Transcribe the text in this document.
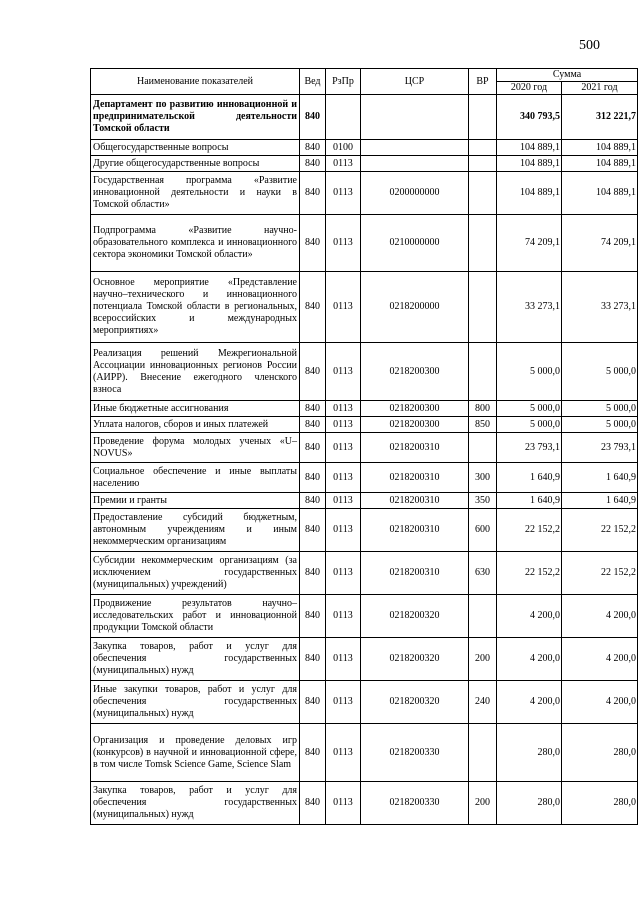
500
Наименование показателей	Вед	РзПр	ЦСР	ВР	Сумма	
					2020 год	2021 год
Департамент по развитию инновационной и предпринимательской деятельности Томской области	840				340 793,5	312 221,7
Общегосударственные вопросы	840	0100			104 889,1	104 889,1
Другие общегосударственные вопросы	840	0113			104 889,1	104 889,1
Государственная программа «Развитие инновационной деятельности и науки в Томской области»	840	0113	0200000000		104 889,1	104 889,1
Подпрограмма «Развитие научно-образовательного комплекса и инновационного сектора экономики Томской области»	840	0113	0210000000		74 209,1	74 209,1
Основное мероприятие «Представление научно–технического и инновационного потенциала Томской области в региональных, всероссийских и международных мероприятиях»	840	0113	0218200000		33 273,1	33 273,1
Реализация решений Межрегиональной Ассоциации инновационных регионов России (АИРР). Внесение ежегодного членского взноса	840	0113	0218200300		5 000,0	5 000,0
Иные бюджетные ассигнования	840	0113	0218200300	800	5 000,0	5 000,0
Уплата налогов, сборов и иных платежей	840	0113	0218200300	850	5 000,0	5 000,0
Проведение форума молодых ученых «U–NOVUS»	840	0113	0218200310		23 793,1	23 793,1
Социальное обеспечение и иные выплаты населению	840	0113	0218200310	300	1 640,9	1 640,9
Премии и гранты	840	0113	0218200310	350	1 640,9	1 640,9
Предоставление субсидий бюджетным, автономным учреждениям и иным некоммерческим организациям	840	0113	0218200310	600	22 152,2	22 152,2
Субсидии некоммерческим организациям (за исключением государственных (муниципальных) учреждений)	840	0113	0218200310	630	22 152,2	22 152,2
Продвижение результатов научно–исследовательских работ и инновационной продукции Томской области	840	0113	0218200320		4 200,0	4 200,0
Закупка товаров, работ и услуг для обеспечения государственных (муниципальных) нужд	840	0113	0218200320	200	4 200,0	4 200,0
Иные закупки товаров, работ и услуг для обеспечения государственных (муниципальных) нужд	840	0113	0218200320	240	4 200,0	4 200,0
Организация и проведение деловых игр (конкурсов) в научной и инновационной сфере, в том числе Tomsk Science Game, Science Slam	840	0113	0218200330		280,0	280,0
Закупка товаров, работ и услуг для обеспечения государственных (муниципальных) нужд	840	0113	0218200330	200	280,0	280,0
